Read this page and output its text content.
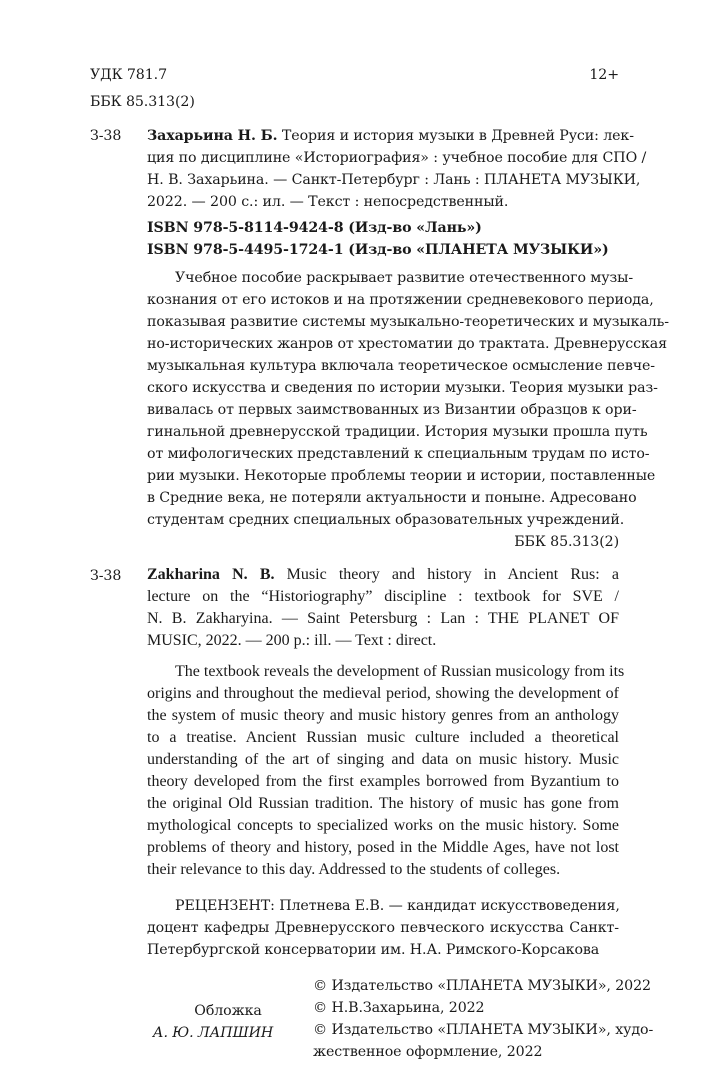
УДК 781.7
ББК 85.313(2)
12+
З-38 Захарьина Н. Б. Теория и история музыки в Древней Руси: лек-
ция по дисциплине «Историография» : учебное пособие для СПО /
Н. В. Захарьина. — Санкт-Петербург : Лань : ПЛАНЕТА МУЗЫКИ,
2022. — 200 с.: ил. — Текст : непосредственный.
ISBN 978-5-8114-9424-8 (Изд-во «Лань»)
ISBN 978-5-4495-1724-1 (Изд-во «ПЛАНЕТА МУЗЫКИ»)
Учебное пособие раскрывает развитие отечественного музы-
кознания от его истоков и на протяжении средневекового периода,
показывая развитие системы музыкально-теоретических и музыкаль-
но-исторических жанров от хрестоматии до трактата. Древнерусская
музыкальная культура включала теоретическое осмысление певче-
ского искусства и сведения по истории музыки. Теория музыки раз-
вивалась от первых заимствованных из Византии образцов к ори-
гинальной древнерусской традиции. История музыки прошла путь
от мифологических представлений к специальным трудам по исто-
рии музыки. Некоторые проблемы теории и истории, поставленные
в Средние века, не потеряли актуальности и поныне. Адресовано
студентам средних специальных образовательных учреждений.
ББК 85.313(2)
З-38 Zakharina N. B. Music theory and history in Ancient Rus: a
lecture on the “Historiography” discipline : textbook for SVE /
N. B. Zakharyina. — Saint Petersburg : Lan : THE PLANET OF
MUSIC, 2022. — 200 p.: ill. — Text : direct.
The textbook reveals the development of Russian musicology from its
origins and throughout the medieval period, showing the development of
the system of music theory and music history genres from an anthology
to a treatise. Ancient Russian music culture included a theoretical
understanding of the art of singing and data on music history. Music
theory developed from the first examples borrowed from Byzantium to
the original Old Russian tradition. The history of music has gone from
mythological concepts to specialized works on the music history. Some
problems of theory and history, posed in the Middle Ages, have not lost
their relevance to this day. Addressed to the students of colleges.
РЕЦЕНЗЕНТ: Плетнева Е.В. — кандидат искусствоведения,
доцент кафедры Древнерусского певческого искусства Санкт-
Петербургской консерватории им. Н.А. Римского-Корсакова
Обложка
А. Ю. ЛАПШИН
© Издательство «ПЛАНЕТА МУЗЫКИ», 2022
© Н.В.Захарьина, 2022
© Издательство «ПЛАНЕТА МУЗЫКИ», худо-
жественное оформление, 2022
